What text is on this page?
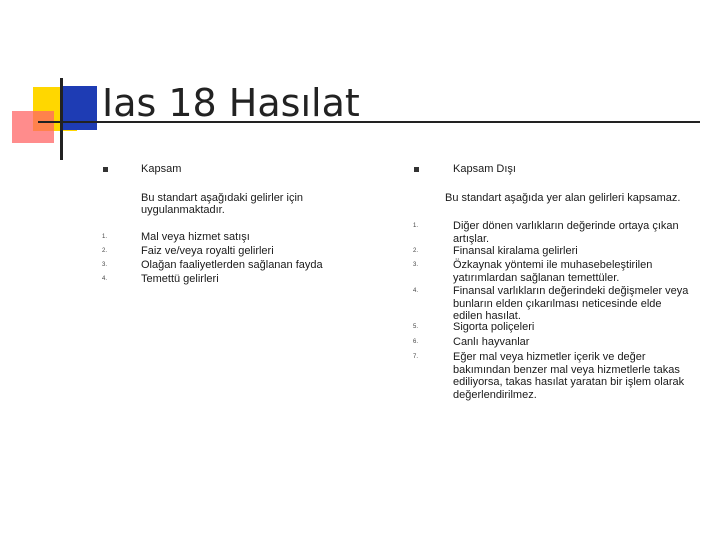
Ias 18 Hasılat
Kapsam
Bu standart aşağıdaki gelirler için uygulanmaktadır.
1.	Mal veya hizmet satışı
2.	Faiz ve/veya royalti gelirleri
3.	Olağan faaliyetlerden sağlanan fayda
4.	Temettü gelirleri
Kapsam Dışı
Bu standart aşağıda yer alan gelirleri kapsamaz.
1.	Diğer dönen varlıkların değerinde ortaya çıkan artışlar.
2.	Finansal kiralama gelirleri
3.	Özkaynak yöntemi ile muhasebeleştirilen yatırımlardan sağlanan temettüler.
4.	Finansal varlıkların değerindeki değişmeler veya bunların elden çıkarılması neticesinde elde edilen hasılat.
5.	Sigorta poliçeleri
6.	Canlı hayvanlar
7.	Eğer mal veya hizmetler içerik ve değer bakımından benzer mal veya hizmetlerle takas ediliyorsa, takas hasılat yaratan bir işlem olarak değerlendirilmez.
